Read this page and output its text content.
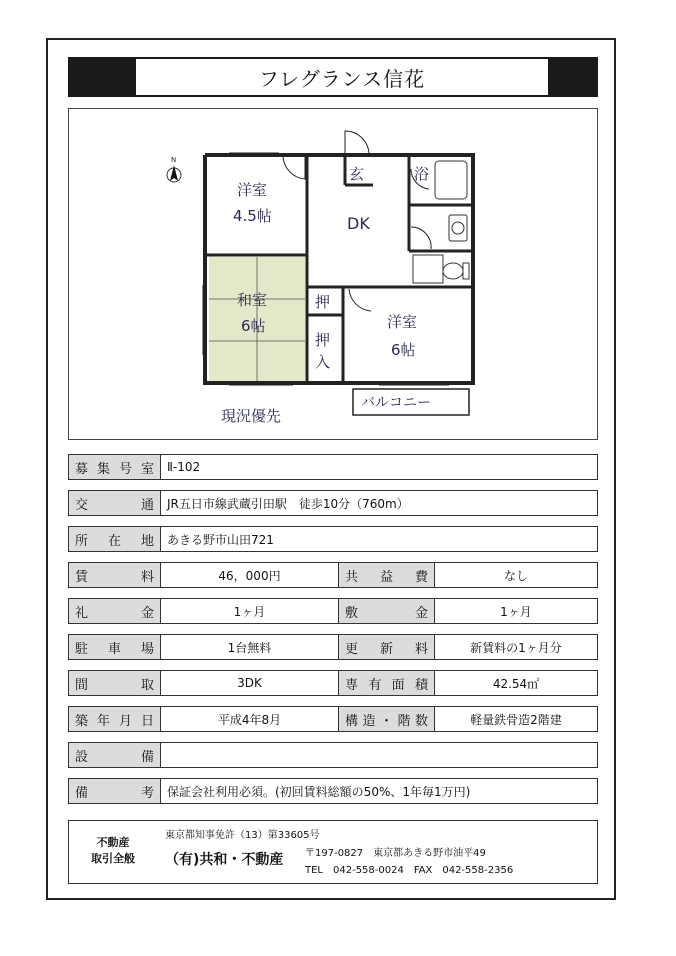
フレグランス信花
N
洋室
4.5帖
玄	浴
DK
和室
6帖
押
押
入
洋室
6帖
バルコニー
現況優先
募 集 号 室	Ⅱ-102
交	通	JR五日市線武蔵引田駅　徒歩10分（760m）
所 在 地	あきる野市山田721
賃	料	46，000円	共 益 費	なし
礼	金	1ヶ月	敷	金	1ヶ月
駐 車 場	1台無料	更 新 料	新賃料の1ヶ月分
間	取	3DK	専 有 面 積	42.54㎡
築 年 月 日	平成4年8月	構 造 ・ 階 数	軽量鉄骨造2階建
設	備
備	考	保証会社利用必須。(初回賃料総額の50%、1年毎1万円)
不動産
取引全般
東京都知事免許（13）第33605号
（有)共和・不動産 〒197-0827　東京都あきる野市油平49
TEL　042-558-0024　FAX　042-558-2356
